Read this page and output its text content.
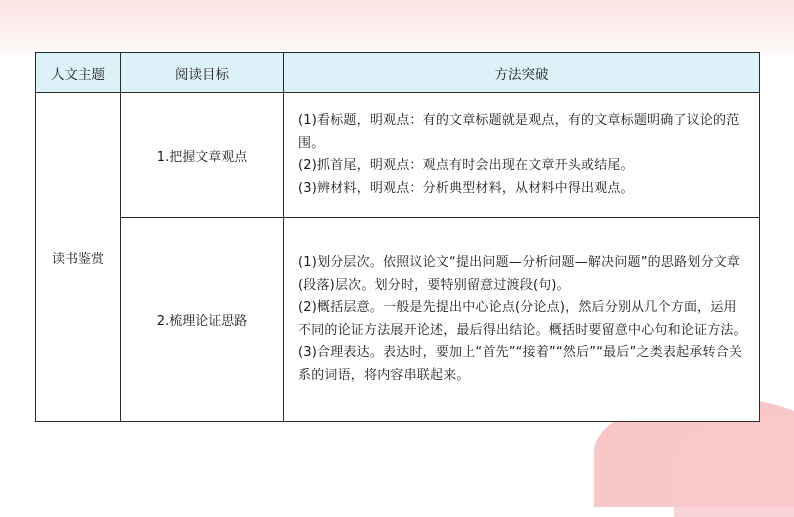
人文主题	阅读目标	方法突破
读书鉴赏	1.把握文章观点	(1)看标题，明观点：有的文章标题就是观点，有的文章标题明确了议论的范围。

(2)抓首尾，明观点：观点有时会出现在文章开头或结尾。

(3)辨材料，明观点：分析典型材料，从材料中得出观点。

	2.梳理论证思路	(1)划分层次。依照议论文“提出问题—分析问题—解决问题”的思路划分文章(段落)层次。划分时，要特别留意过渡段(句)。

(2)概括层意。一般是先提出中心论点(分论点)，然后分别从几个方面，运用不同的论证方法展开论述，最后得出结论。概括时要留意中心句和论证方法。

(3)合理表达。表达时，要加上“首先”“接着”“然后”“最后”之类表起承转合关系的词语，将内容串联起来。
